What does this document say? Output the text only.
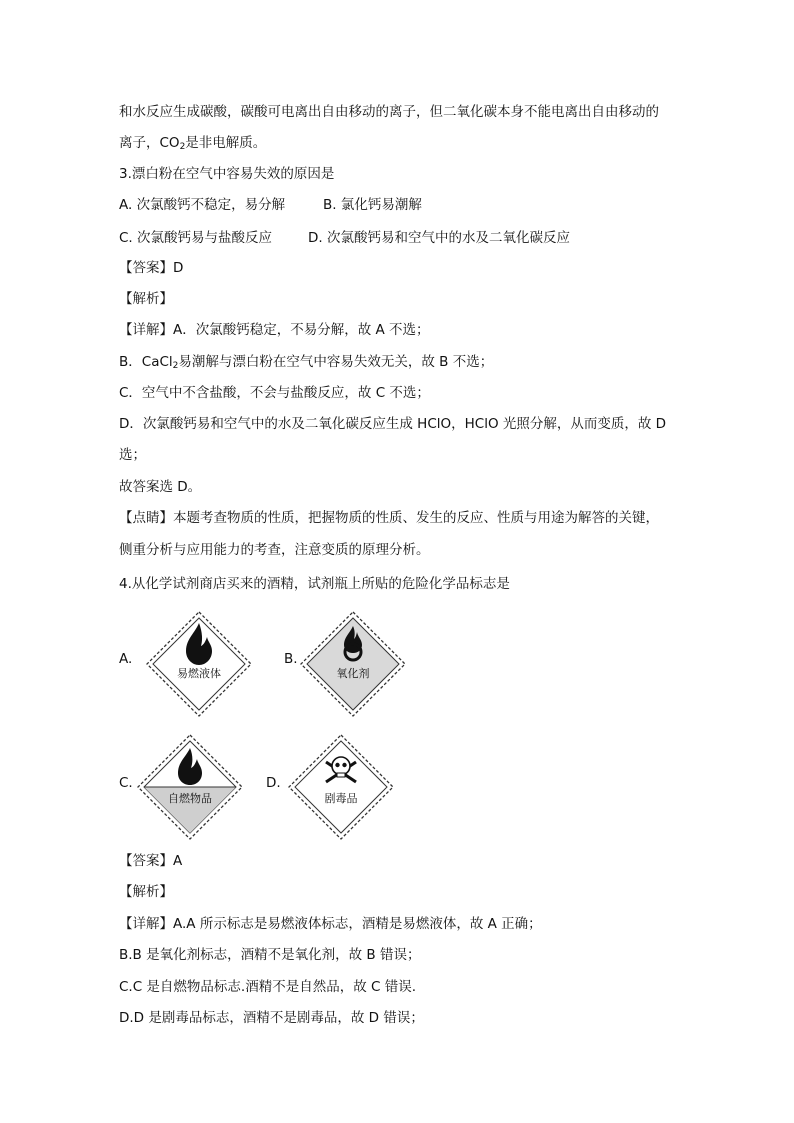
和水反应生成碳酸，碳酸可电离出自由移动的离子，但二氧化碳本身不能电离出自由移动的
离子，$CO_2$是非电解质。
3.漂白粉在空气中容易失效的原因是
A. 次氯酸钙不稳定，易分解	B. 氯化钙易潮解
C. 次氯酸钙易与盐酸反应	D. 次氯酸钙易和空气中的水及二氧化碳反应
【答案】D
【解析】
【详解】A．次氯酸钙稳定，不易分解，故 A 不选；
B．CaCl$_2$易潮解与漂白粉在空气中容易失效无关，故 B 不选；
C．空气中不含盐酸，不会与盐酸反应，故 C 不选；
D．次氯酸钙易和空气中的水及二氧化碳反应生成 HClO，HClO 光照分解，从而变质，故 D
选；
故答案选 D。
【点睛】本题考查物质的性质，把握物质的性质、发生的反应、性质与用途为解答的关键，
侧重分析与应用能力的考查，注意变质的原理分析。
4.从化学试剂商店买来的酒精，试剂瓶上所贴的危险化学品标志是
A.	B.
C.	D.
易燃液体	氧化剂
自燃物品	剧毒品
【答案】A
【解析】
【详解】A.A 所示标志是易燃液体标志，酒精是易燃液体，故 A 正确；
B.B 是氧化剂标志，酒精不是氧化剂，故 B 错误；
C.C 是自燃物品标志.酒精不是自然品，故 C 错误.
D.D 是剧毒品标志，酒精不是剧毒品，故 D 错误；
